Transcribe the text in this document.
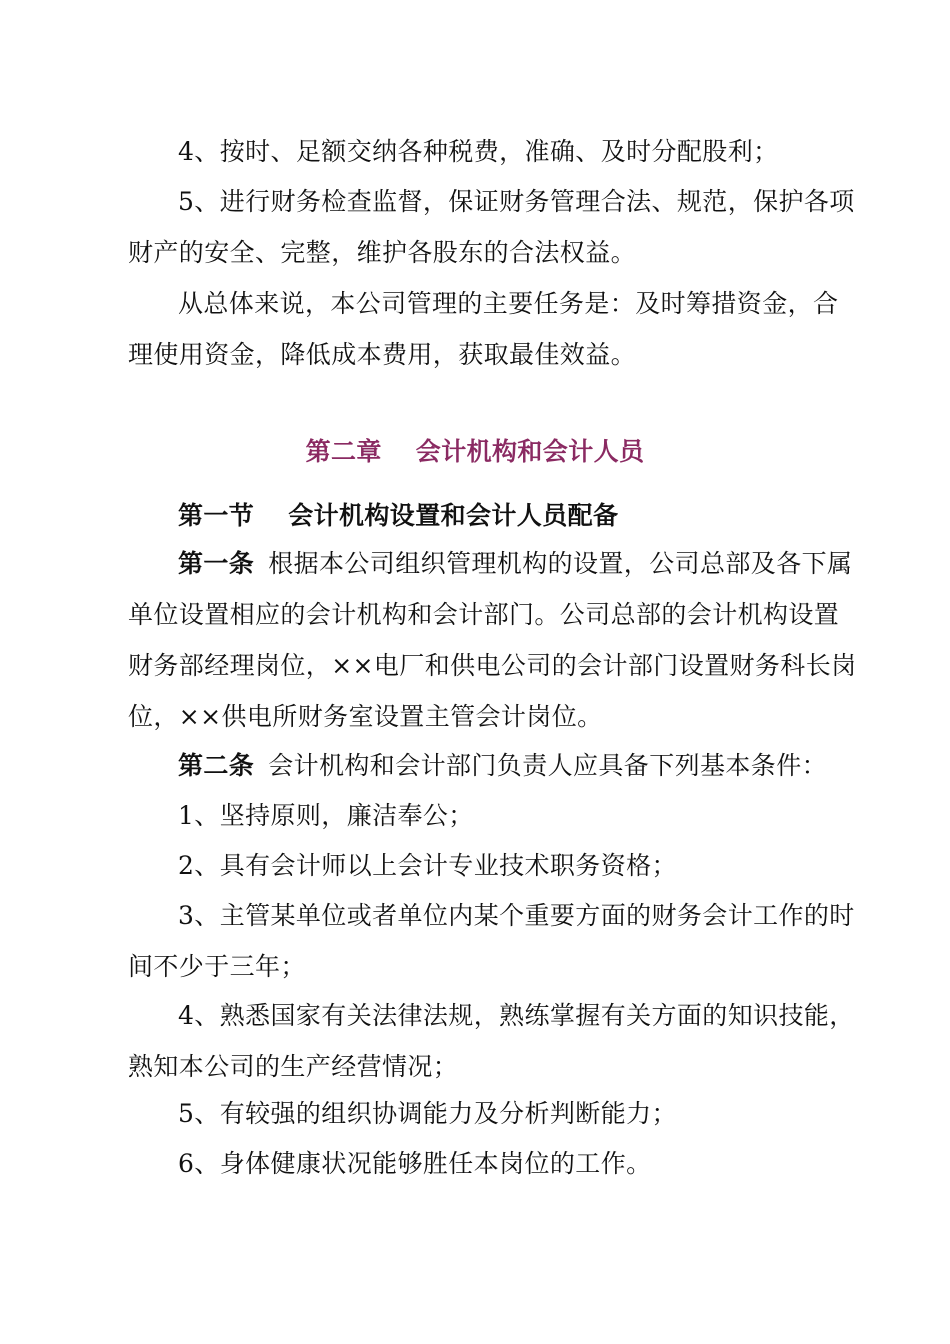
4、按时、足额交纳各种税费，准确、及时分配股利；

5、进行财务检查监督，保证财务管理合法、规范，保护各项财产的安全、完整，维护各股东的合法权益。

从总体来说，本公司管理的主要任务是：及时筹措资金，合理使用资金，降低成本费用，获取最佳效益。

第二章 会计机构和会计人员
第一节 会计机构设置和会计人员配备

第一条 根据本公司组织管理机构的设置，公司总部及各下属单位设置相应的会计机构和会计部门。公司总部的会计机构设置财务部经理岗位，××电厂和供电公司的会计部门设置财务科长岗位，××供电所财务室设置主管会计岗位。

第二条 会计机构和会计部门负责人应具备下列基本条件：

1、坚持原则，廉洁奉公；

2、具有会计师以上会计专业技术职务资格；

3、主管某单位或者单位内某个重要方面的财务会计工作的时间不少于三年；

4、熟悉国家有关法律法规，熟练掌握有关方面的知识技能，熟知本公司的生产经营情况；

5、有较强的组织协调能力及分析判断能力；

6、身体健康状况能够胜任本岗位的工作。
